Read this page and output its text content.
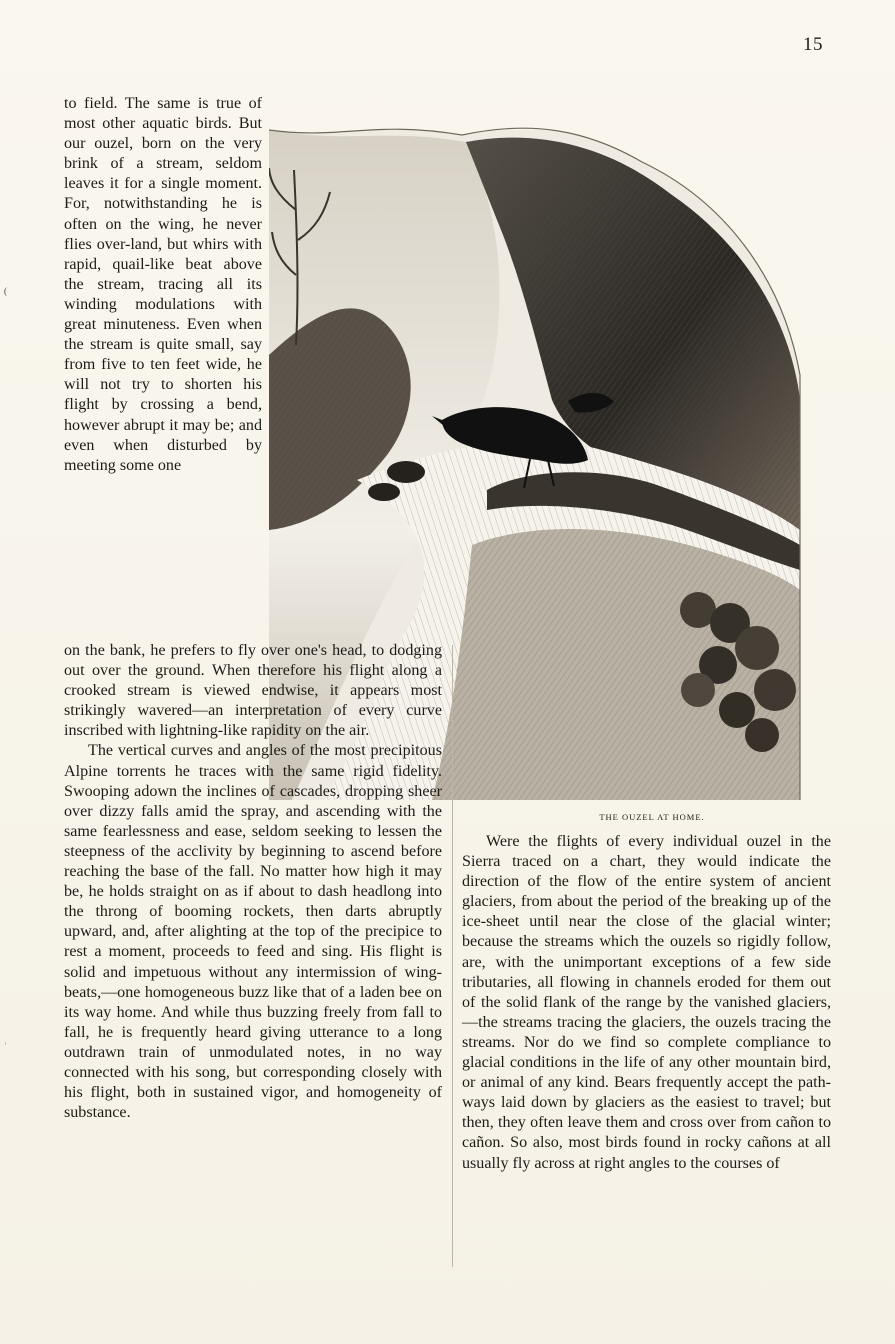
15

to field. The same is true of most other aquatic birds. But our ouzel, born on the very brink of a stream, seldom leaves it for a single moment. For, notwithstanding he is often on the wing, he never flies over-land, but whirs with rapid, quail-like beat above the stream, tracing all its winding modulations with great minuteness. Even when the stream is quite small, say from five to ten feet wide, he will not try to shorten his flight by crossing a bend, however abrupt it may be; and even when disturbed by meeting some one

THE OUZEL AT HOME.

on the bank, he prefers to fly over one's head, to dodging out over the ground. When therefore his flight along a crooked stream is viewed endwise, it appears most strikingly wavered—an interpretation of every curve inscribed with lightning-like rapidity on the air.

The vertical curves and angles of the most precipitous Alpine torrents he traces with the same rigid fidelity. Swooping adown the inclines of cascades, dropping sheer over dizzy falls amid the spray, and ascending with the same fearlessness and ease, seldom seeking to lessen the steepness of the acclivity by beginning to ascend before reaching the base of the fall. No matter how high it may be, he holds straight on as if about to dash headlong into the throng of booming rockets, then darts abruptly upward, and, after alighting at the top of the precipice to rest a moment, proceeds to feed and sing. His flight is solid and impetuous without any intermission of wing-beats,—one homogeneous buzz like that of a laden bee on its way home. And while thus buzzing freely from fall to fall, he is frequently heard giving utterance to a long outdrawn train of unmodulated notes, in no way connected with his song, but corresponding closely with his flight, both in sustained vigor, and homogeneity of substance.

Were the flights of every individual ouzel in the Sierra traced on a chart, they would indicate the direction of the flow of the entire system of ancient glaciers, from about the period of the breaking up of the ice-sheet until near the close of the glacial winter; because the streams which the ouzels so rigidly follow, are, with the unimportant exceptions of a few side tributaries, all flowing in channels eroded for them out of the solid flank of the range by the vanished glaciers,—the streams tracing the glaciers, the ouzels tracing the streams. Nor do we find so complete compliance to glacial conditions in the life of any other mountain bird, or animal of any kind. Bears frequently accept the path-ways laid down by glaciers as the easiest to travel; but then, they often leave them and cross over from cañon to cañon. So also, most birds found in rocky cañons at all usually fly across at right angles to the courses of

(
˒
